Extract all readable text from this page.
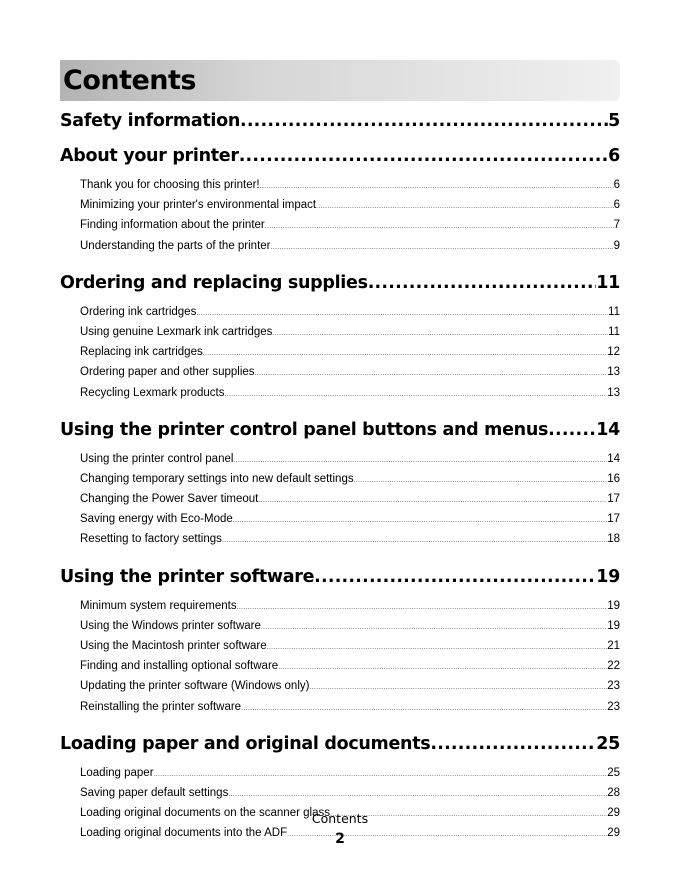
Contents
Safety information .....	5
About your printer .....	6
Thank you for choosing this printer! .....	6
Minimizing your printer's environmental impact .....	6
Finding information about the printer .....	7
Understanding the parts of the printer .....	9
Ordering and replacing supplies .....	11
Ordering ink cartridges .....	11
Using genuine Lexmark ink cartridges .....	11
Replacing ink cartridges .....	12
Ordering paper and other supplies .....	13
Recycling Lexmark products .....	13
Using the printer control panel buttons and menus .....	14
Using the printer control panel .....	14
Changing temporary settings into new default settings .....	16
Changing the Power Saver timeout .....	17
Saving energy with Eco-Mode .....	17
Resetting to factory settings .....	18
Using the printer software .....	19
Minimum system requirements .....	19
Using the Windows printer software .....	19
Using the Macintosh printer software .....	21
Finding and installing optional software .....	22
Updating the printer software (Windows only) .....	23
Reinstalling the printer software .....	23
Loading paper and original documents .....	25
Loading paper .....	25
Saving paper default settings .....	28
Loading original documents on the scanner glass .....	29
Loading original documents into the ADF .....	29
Contents
2
